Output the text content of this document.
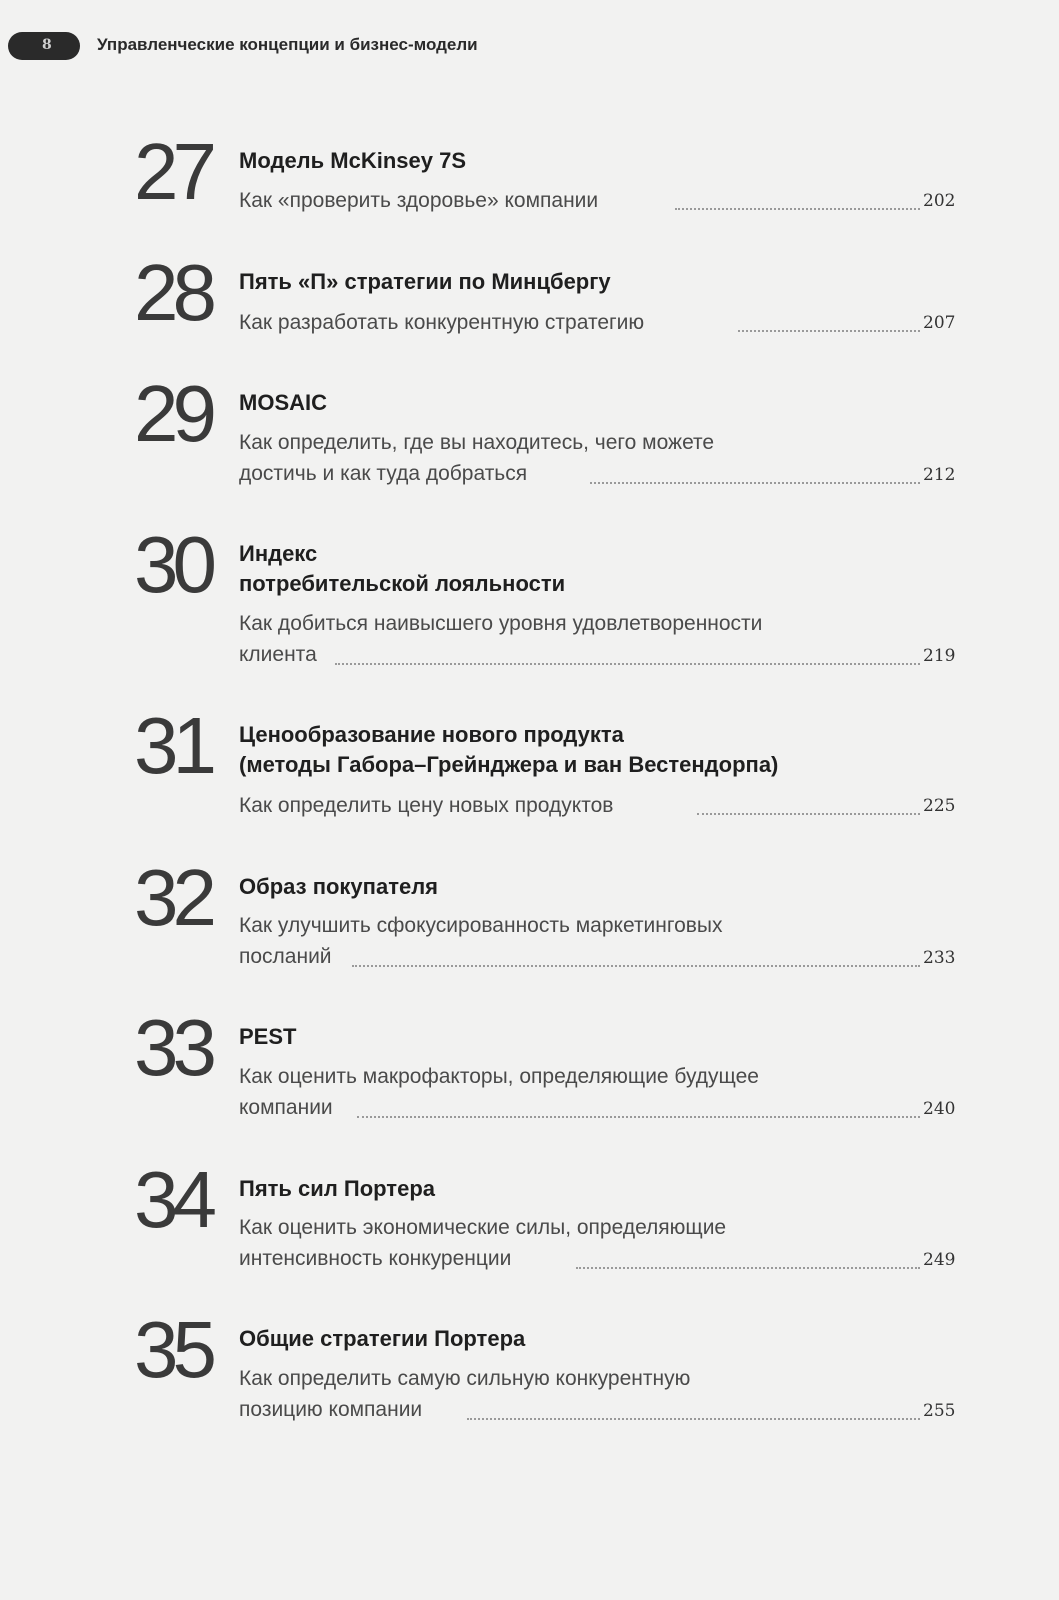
8	Управленческие концепции и бизнес-модели
27 Модель McKinsey 7S
Как «проверить здоровье» компании	202
28 Пять «П» стратегии по Минцбергу
Как разработать конкурентную стратегию	207
29 MOSAIC
Как определить, где вы находитесь, чего можете
достичь и как туда добраться	212
30 Индекс
потребительской лояльности
Как добиться наивысшего уровня удовлетворенности
клиента	219
31 Ценообразование нового продукта
(методы Габора–Грейнджера и ван Вестендорпа)
Как определить цену новых продуктов	225
32 Образ покупателя
Как улучшить сфокусированность маркетинговых
посланий	233
33 PEST
Как оценить макрофакторы, определяющие будущее
компании	240
34 Пять сил Портера
Как оценить экономические силы, определяющие
интенсивность конкуренции	249
35 Общие стратегии Портера
Как определить самую сильную конкурентную
позицию компании	255
